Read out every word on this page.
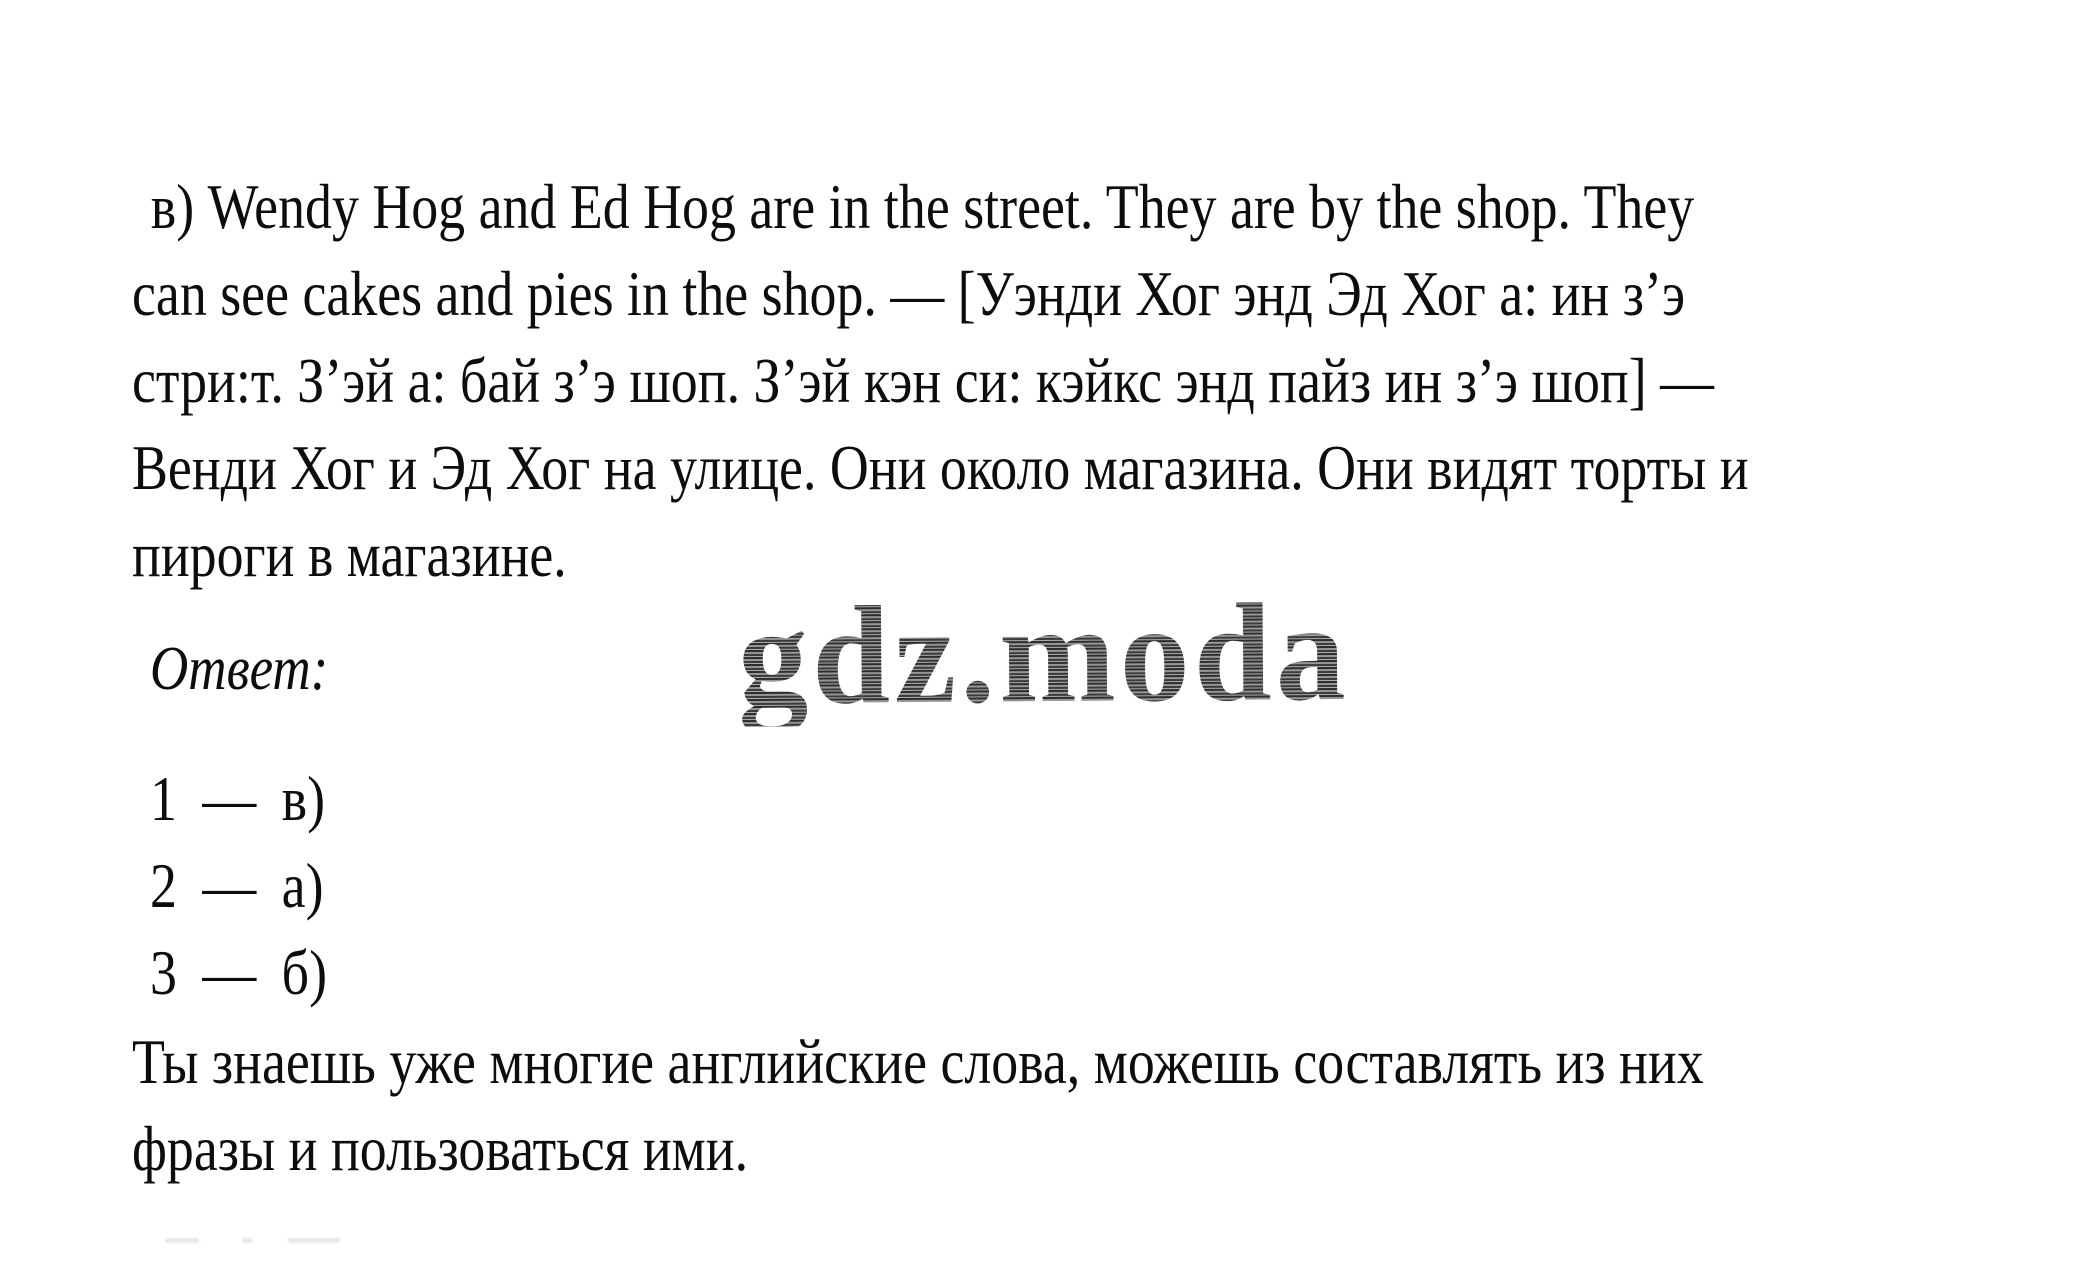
в) Wendy Hog and Ed Hog are in the street. They are by the shop. They
can see cakes and pies in the shop. — [Уэнди Хог энд Эд Хог а: ин з’э
стри:т. З’эй а: бай з’э шоп. З’эй кэн си: кэйкс энд пайз ин з’э шоп] —
Венди Хог и Эд Хог на улице. Они около магазина. Они видят торты и
пироги в магазине.
Ответ:	gdz.moda
1 — в)
2 — а)
3 — б)
Ты знаешь уже многие английские слова, можешь составлять из них
фразы и пользоваться ими.
